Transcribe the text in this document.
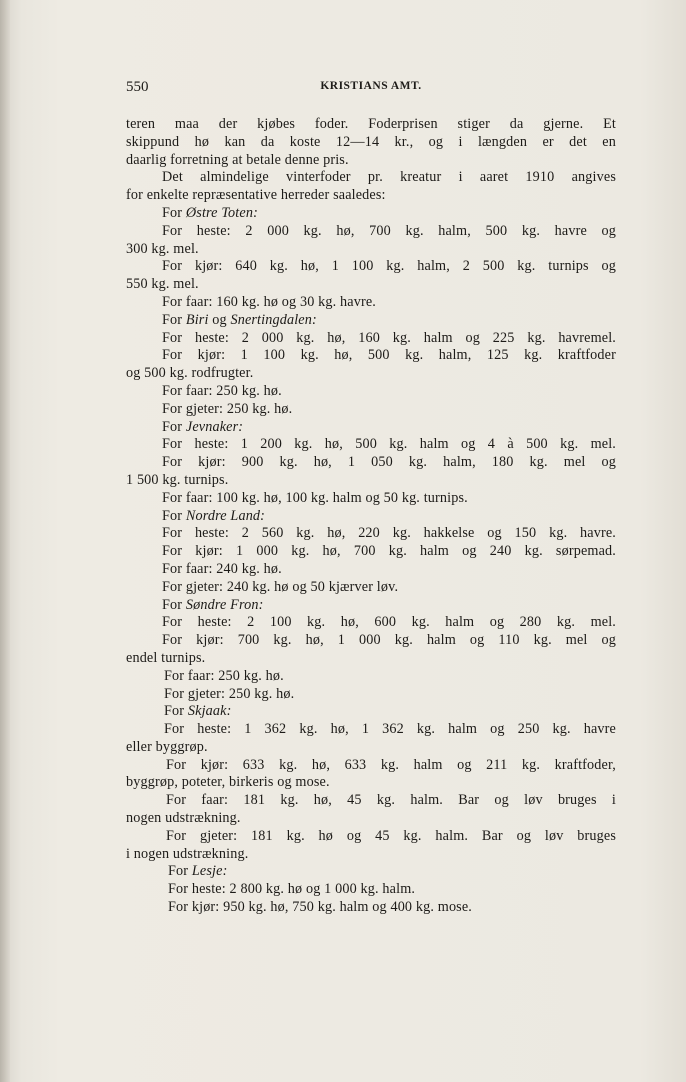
550	KRISTIANS AMT.
teren maa der kjøbes foder. Foderprisen stiger da gjerne. Et
skippund hø kan da koste 12—14 kr., og i længden er det en
daarlig forretning at betale denne pris.
Det almindelige vinterfoder pr. kreatur i aaret 1910 angives
for enkelte repræsentative herreder saaledes:
For Østre Toten:
For heste: 2 000 kg. hø, 700 kg. halm, 500 kg. havre og
300 kg. mel.
For kjør: 640 kg. hø, 1 100 kg. halm, 2 500 kg. turnips og
550 kg. mel.
For faar: 160 kg. hø og 30 kg. havre.
For Biri og Snertingdalen:
For heste: 2 000 kg. hø, 160 kg. halm og 225 kg. havremel.
For kjør: 1 100 kg. hø, 500 kg. halm, 125 kg. kraftfoder
og 500 kg. rodfrugter.
For faar: 250 kg. hø.
For gjeter: 250 kg. hø.
For Jevnaker:
For heste: 1 200 kg. hø, 500 kg. halm og 4 à 500 kg. mel.
For kjør: 900 kg. hø, 1 050 kg. halm, 180 kg. mel og
1 500 kg. turnips.
For faar: 100 kg. hø, 100 kg. halm og 50 kg. turnips.
For Nordre Land:
For heste: 2 560 kg. hø, 220 kg. hakkelse og 150 kg. havre.
For kjør: 1 000 kg. hø, 700 kg. halm og 240 kg. sørpemad.
For faar: 240 kg. hø.
For gjeter: 240 kg. hø og 50 kjærver løv.
For Søndre Fron:
For heste: 2 100 kg. hø, 600 kg. halm og 280 kg. mel.
For kjør: 700 kg. hø, 1 000 kg. halm og 110 kg. mel og
endel turnips.
For faar: 250 kg. hø.
For gjeter: 250 kg. hø.
For Skjaak:
For heste: 1 362 kg. hø, 1 362 kg. halm og 250 kg. havre
eller byggrøp.
For kjør: 633 kg. hø, 633 kg. halm og 211 kg. kraftfoder,
byggrøp, poteter, birkeris og mose.
For faar: 181 kg. hø, 45 kg. halm. Bar og løv bruges i
nogen udstrækning.
For gjeter: 181 kg. hø og 45 kg. halm. Bar og løv bruges
i nogen udstrækning.
For Lesje:
For heste: 2 800 kg. hø og 1 000 kg. halm.
For kjør: 950 kg. hø, 750 kg. halm og 400 kg. mose.
